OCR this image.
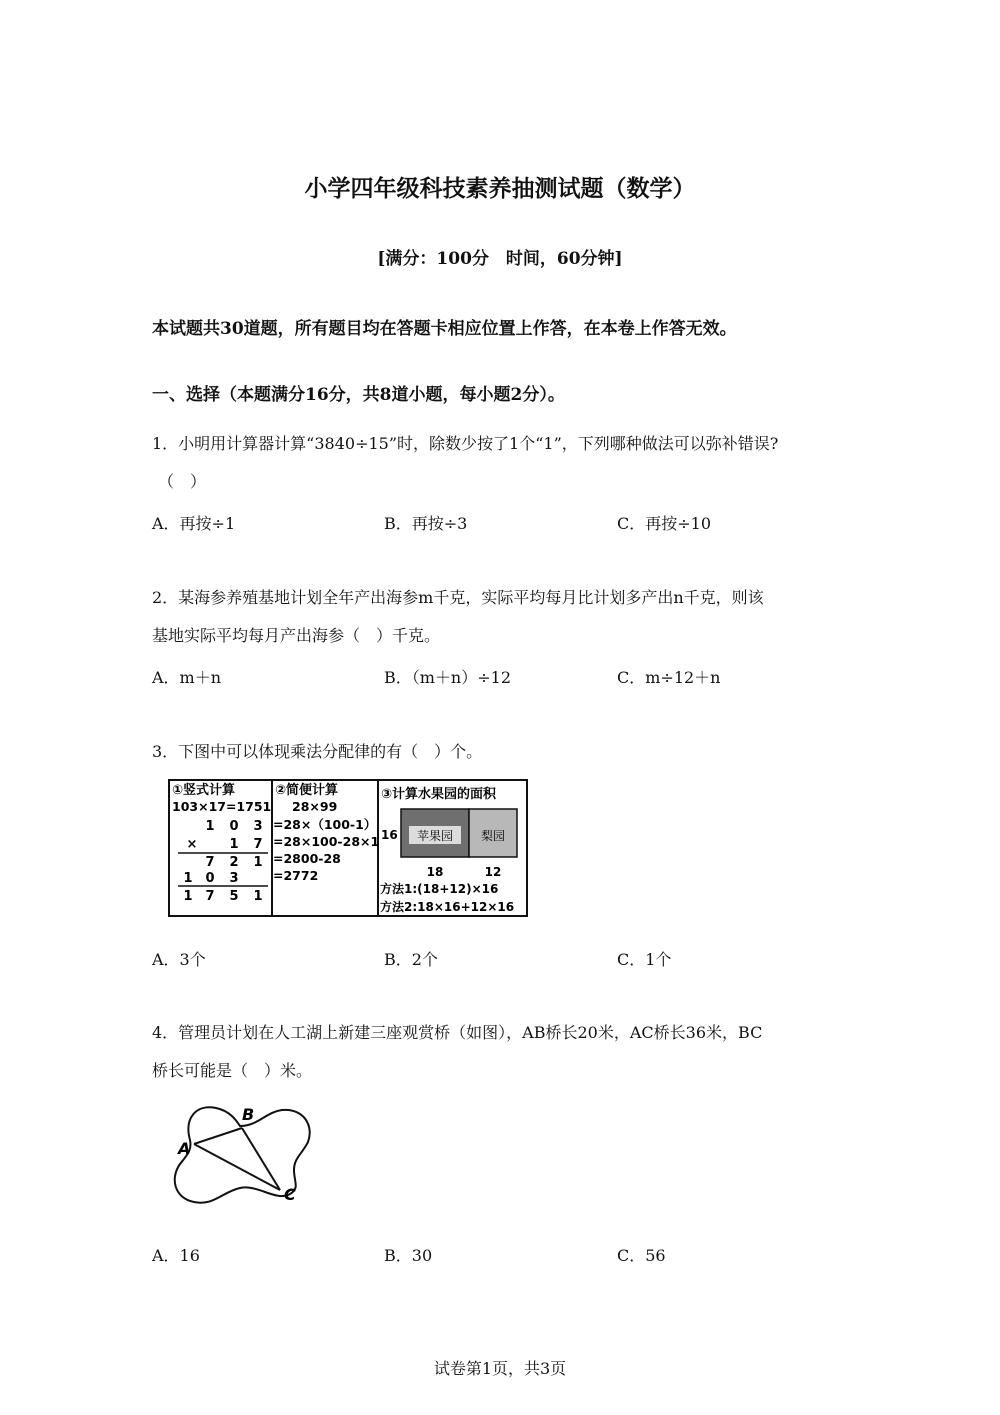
小学四年级科技素养抽测试题（数学）
[满分：100分　时间，60分钟]
本试题共30道题，所有题目均在答题卡相应位置上作答，在本卷上作答无效。
一、选择（本题满分16分，共8道小题，每小题2分）。
1．小明用计算器计算“3840÷15”时，除数少按了1个“1”，下列哪种做法可以弥补错误?
（　）
A．再按÷1	B．再按÷3	C．再按÷10
2．某海参养殖基地计划全年产出海参m千克，实际平均每月比计划多产出n千克，则该
基地实际平均每月产出海参（　）千克。
A．m＋n	B．（m＋n）÷12	C．m÷12＋n
3．下图中可以体现乘法分配律的有（　）个。
①竖式计算
103×17=1751
1 0 3
× 1 7
7 2 1
1 0 3
1 7 5 1
②简便计算
28×99
=28×（100-1）
=28×100-28×1
=2800-28
=2772
③计算水果园的面积
16 苹果园 梨园
18	12
方法1:(18+12)×16
方法2:18×16+12×16
A．3个	B．2个	C．1个
4．管理员计划在人工湖上新建三座观赏桥（如图），AB桥长20米，AC桥长36米，BC
桥长可能是（　）米。
A
B
C
A．16	B．30	C．56
试卷第1页，共3页
